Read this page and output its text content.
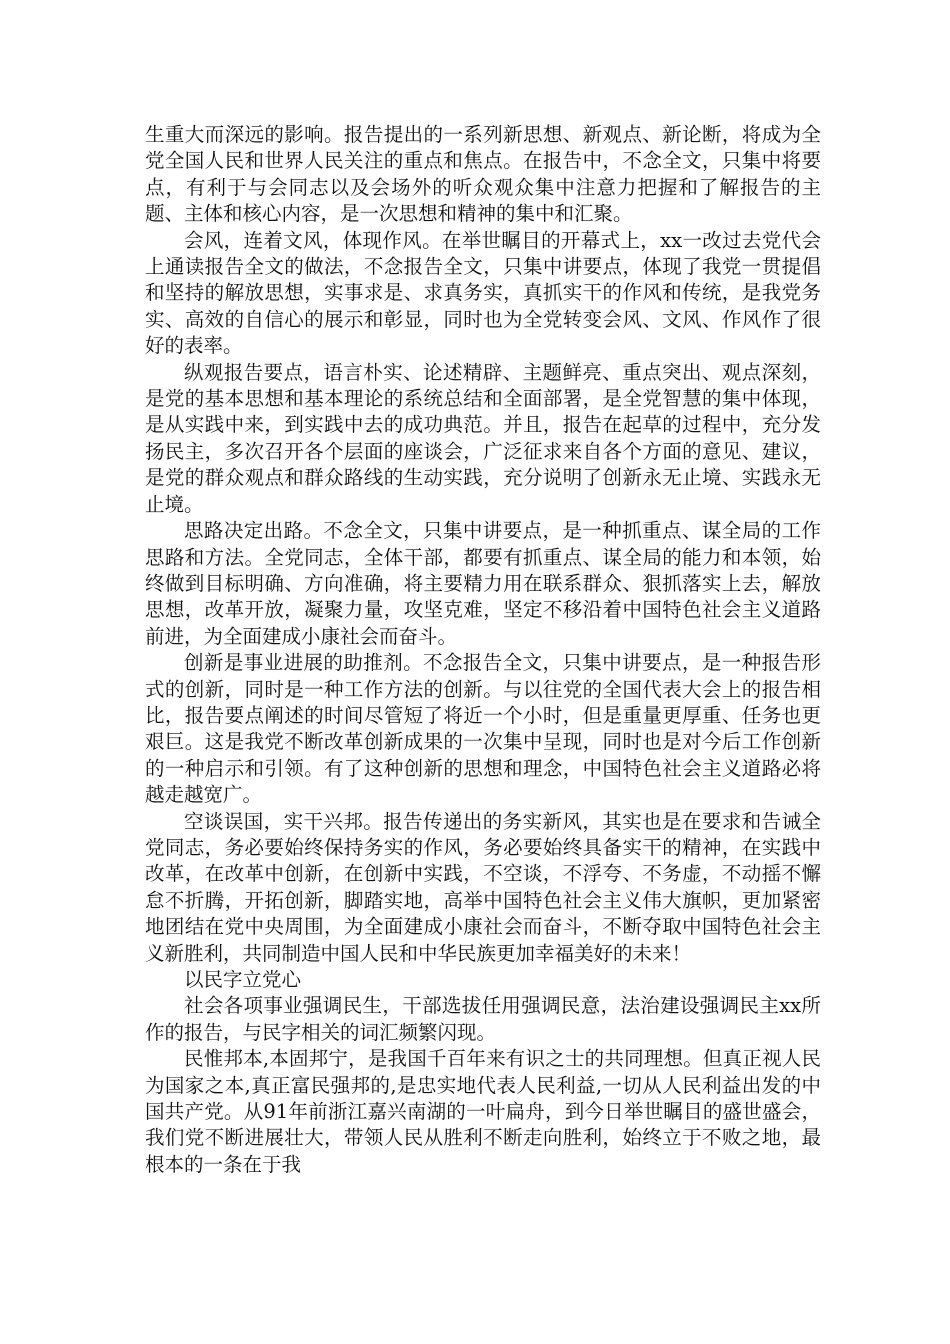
生重大而深远的影响。报告提出的一系列新思想、新观点、新论断，将成为全党全国人民和世界人民关注的重点和焦点。在报告中，不念全文，只集中将要点，有利于与会同志以及会场外的听众观众集中注意力把握和了解报告的主题、主体和核心内容，是一次思想和精神的集中和汇聚。

会风，连着文风，体现作风。在举世瞩目的开幕式上，xx一改过去党代会上通读报告全文的做法，不念报告全文，只集中讲要点，体现了我党一贯提倡和坚持的解放思想，实事求是、求真务实，真抓实干的作风和传统，是我党务实、高效的自信心的展示和彰显，同时也为全党转变会风、文风、作风作了很好的表率。

纵观报告要点，语言朴实、论述精辟、主题鲜亮、重点突出、观点深刻，是党的基本思想和基本理论的系统总结和全面部署，是全党智慧的集中体现，是从实践中来，到实践中去的成功典范。并且，报告在起草的过程中，充分发扬民主，多次召开各个层面的座谈会，广泛征求来自各个方面的意见、建议，是党的群众观点和群众路线的生动实践，充分说明了创新永无止境、实践永无止境。

思路决定出路。不念全文，只集中讲要点，是一种抓重点、谋全局的工作思路和方法。全党同志，全体干部，都要有抓重点、谋全局的能力和本领，始终做到目标明确、方向准确，将主要精力用在联系群众、狠抓落实上去，解放思想，改革开放，凝聚力量，攻坚克难，坚定不移沿着中国特色社会主义道路前进，为全面建成小康社会而奋斗。

创新是事业进展的助推剂。不念报告全文，只集中讲要点，是一种报告形式的创新，同时是一种工作方法的创新。与以往党的全国代表大会上的报告相比，报告要点阐述的时间尽管短了将近一个小时，但是重量更厚重、任务也更艰巨。这是我党不断改革创新成果的一次集中呈现，同时也是对今后工作创新的一种启示和引领。有了这种创新的思想和理念，中国特色社会主义道路必将越走越宽广。

空谈误国，实干兴邦。报告传递出的务实新风，其实也是在要求和告诫全党同志，务必要始终保持务实的作风，务必要始终具备实干的精神，在实践中改革，在改革中创新，在创新中实践，不空谈，不浮夸、不务虚，不动摇不懈怠不折腾，开拓创新，脚踏实地，高举中国特色社会主义伟大旗帜，更加紧密地团结在党中央周围，为全面建成小康社会而奋斗，不断夺取中国特色社会主义新胜利，共同制造中国人民和中华民族更加幸福美好的未来！

以民字立党心

社会各项事业强调民生，干部选拔任用强调民意，法治建设强调民主xx所作的报告，与民字相关的词汇频繁闪现。

民惟邦本,本固邦宁，是我国千百年来有识之士的共同理想。但真正视人民为国家之本,真正富民强邦的,是忠实地代表人民利益,一切从人民利益出发的中国共产党。从91年前浙江嘉兴南湖的一叶扁舟，到今日举世瞩目的盛世盛会，我们党不断进展壮大，带领人民从胜利不断走向胜利，始终立于不败之地，最根本的一条在于我
